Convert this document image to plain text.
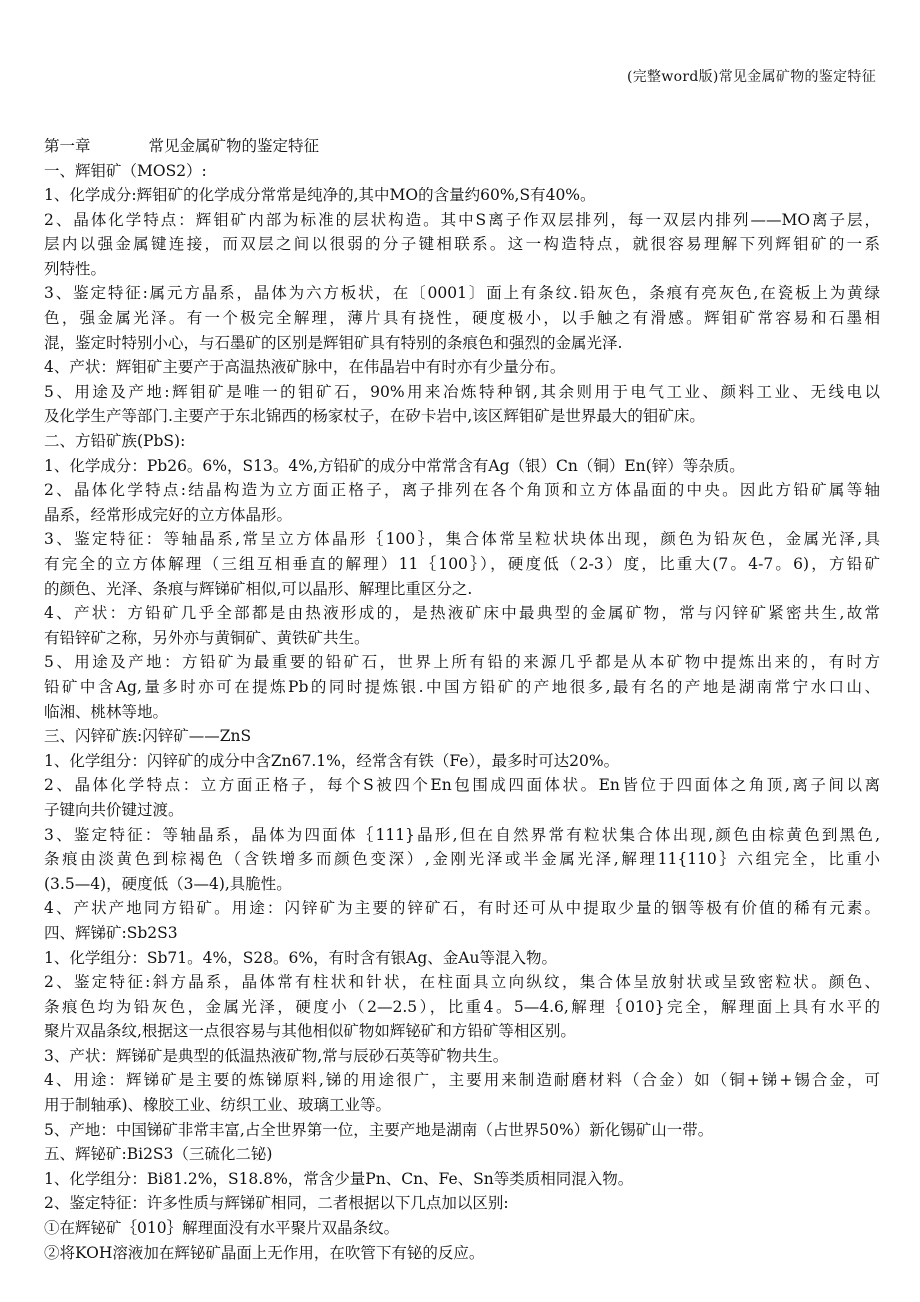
(完整word版)常见金属矿物的鉴定特征
第一章	常见金属矿物的鉴定特征
一、辉钼矿（MOS2）:
1、化学成分:辉钼矿的化学成分常常是纯净的,其中MO的含量约60%,S有40%。
2、晶体化学特点：辉钼矿内部为标准的层状构造。其中S离子作双层排列，每一双层内排列——MO离子层，
层内以强金属键连接，而双层之间以很弱的分子键相联系。这一构造特点，就很容易理解下列辉钼矿的一系
列特性。
3、鉴定特征:属元方晶系，晶体为六方板状，在〔0001〕面上有条纹.铅灰色，条痕有亮灰色,在瓷板上为黄绿
色，强金属光泽。有一个极完全解理，薄片具有挠性，硬度极小，以手触之有滑感。辉钼矿常容易和石墨相
混，鉴定时特别小心，与石墨矿的区别是辉钼矿具有特别的条痕色和强烈的金属光泽.
4、产状：辉钼矿主要产于高温热液矿脉中，在伟晶岩中有时亦有少量分布。
5、用途及产地:辉钼矿是唯一的钼矿石，90%用来冶炼特种钢,其余则用于电气工业、颜料工业、无线电以
及化学生产等部门.主要产于东北锦西的杨家杖子，在矽卡岩中,该区辉钼矿是世界最大的钼矿床。
二、方铅矿族(PbS):
1、化学成分：Pb26。6%，S13。4%,方铅矿的成分中常常含有Ag（银）Cn（铜）En(锌）等杂质。
2、晶体化学特点:结晶构造为立方面正格子，离子排列在各个角顶和立方体晶面的中央。因此方铅矿属等轴
晶系，经常形成完好的立方体晶形。
3、鉴定特征：等轴晶系,常呈立方体晶形｛100｝，集合体常呈粒状块体出现，颜色为铅灰色，金属光泽,具
有完全的立方体解理（三组互相垂直的解理）11｛100｝），硬度低（2-3）度，比重大(7。4-7。6)，方铅矿
的颜色、光泽、条痕与辉锑矿相似,可以晶形、解理比重区分之.
4、产状：方铅矿几乎全部都是由热液形成的，是热液矿床中最典型的金属矿物，常与闪锌矿紧密共生,故常
有铅锌矿之称，另外亦与黄铜矿、黄铁矿共生。
5、用途及产地：方铅矿为最重要的铅矿石，世界上所有铅的来源几乎都是从本矿物中提炼出来的，有时方
铅矿中含Ag,量多时亦可在提炼Pb的同时提炼银.中国方铅矿的产地很多,最有名的产地是湖南常宁水口山、
临湘、桃林等地。
三、闪锌矿族:闪锌矿——ZnS
1、化学组分：闪锌矿的成分中含Zn67.1%，经常含有铁（Fe），最多时可达20%。
2、晶体化学特点：立方面正格子，每个S被四个En包围成四面体状。En皆位于四面体之角顶,离子间以离
子键向共价键过渡。
3、鉴定特征：等轴晶系，晶体为四面体｛111}晶形,但在自然界常有粒状集合体出现,颜色由棕黄色到黑色,
条痕由淡黄色到棕褐色（含铁增多而颜色变深）,金刚光泽或半金属光泽,解理11{110｝六组完全，比重小
(3.5—4)，硬度低（3—4),具脆性。
4、产状产地同方铅矿。用途：闪锌矿为主要的锌矿石，有时还可从中提取少量的铟等极有价值的稀有元素。
四、辉锑矿:Sb2S3
1、化学组分：Sb71。4%，S28。6%，有时含有银Ag、金Au等混入物。
2、鉴定特征:斜方晶系，晶体常有柱状和针状，在柱面具立向纵纹，集合体呈放射状或呈致密粒状。颜色、
条痕色均为铅灰色，金属光泽，硬度小（2—2.5），比重4。5—4.6,解理｛010}完全，解理面上具有水平的
聚片双晶条纹,根据这一点很容易与其他相似矿物如辉铋矿和方铅矿等相区别。
3、产状：辉锑矿是典型的低温热液矿物,常与辰砂石英等矿物共生。
4、用途：辉锑矿是主要的炼锑原料,锑的用途很广，主要用来制造耐磨材料（合金）如（铜+锑+锡合金，可
用于制轴承)、橡胶工业、纺织工业、玻璃工业等。
5、产地：中国锑矿非常丰富,占全世界第一位，主要产地是湖南（占世界50%）新化锡矿山一带。
五、辉铋矿:Bi2S3（三硫化二铋)
1、化学组分：Bi81.2%，S18.8%，常含少量Pn、Cn、Fe、Sn等类质相同混入物。
2、鉴定特征：许多性质与辉锑矿相同，二者根据以下几点加以区别:
①在辉铋矿｛010｝解理面没有水平聚片双晶条纹。
②将KOH溶液加在辉铋矿晶面上无作用，在吹管下有铋的反应。
